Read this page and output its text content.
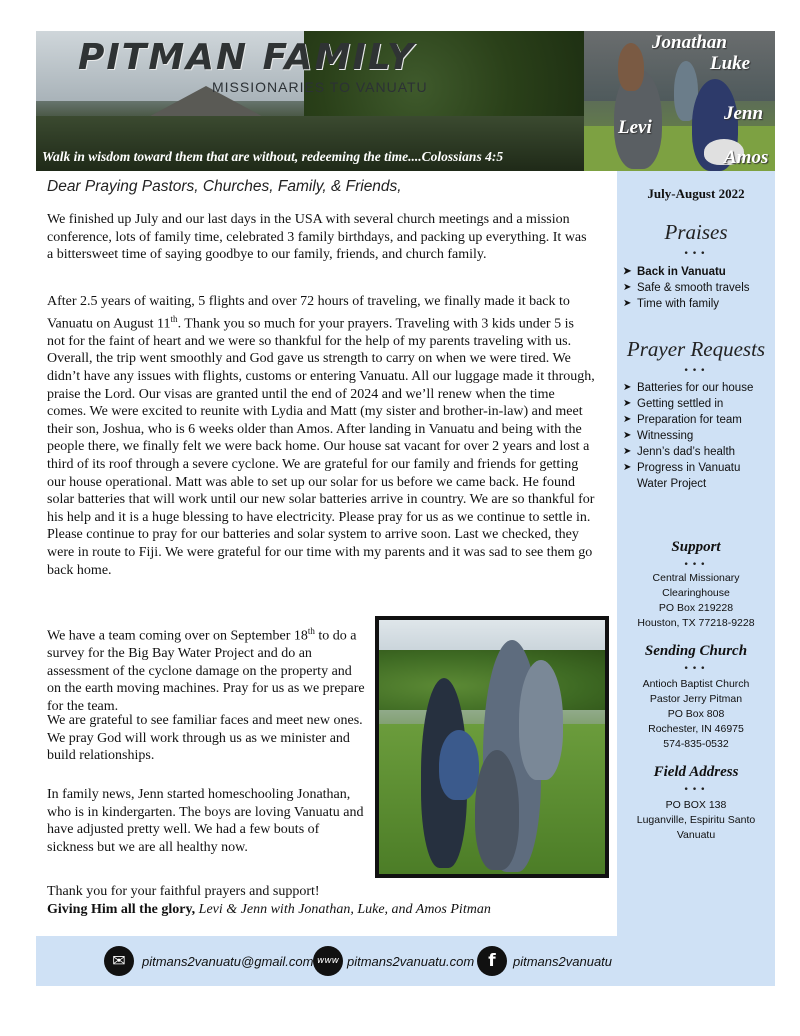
PITMAN FAMILY
MISSIONARIES TO VANUATU
Walk in wisdom toward them that are without, redeeming the time....Colossians 4:5
Jonathan
Luke
Levi
Jenn
Amos
July-August 2022
Praises
•••
➤ Back in Vanuatu
➤ Safe & smooth travels
➤ Time with family
Prayer Requests
•••
➤ Batteries for our house
➤ Getting settled in
➤ Preparation for team
➤ Witnessing
➤ Jenn’s dad’s health
➤ Progress in Vanuatu Water Project
Support
•••
Central Missionary
Clearinghouse
PO Box 219228
Houston, TX 77218-9228
Sending Church
•••
Antioch Baptist Church
Pastor Jerry Pitman
PO Box 808
Rochester, IN 46975
574-835-0532
Field Address
•••
PO BOX 138
Luganville, Espiritu Santo
Vanuatu
Dear Praying Pastors, Churches, Family, & Friends,

We finished up July and our last days in the USA with several church meetings and a mission conference, lots of family time, celebrated 3 family birthdays, and packing up everything. It was a bittersweet time of saying goodbye to our family, friends, and church family.

After 2.5 years of waiting, 5 flights and over 72 hours of traveling, we finally made it back to Vanuatu on August 11th. Thank you so much for your prayers. Traveling with 3 kids under 5 is not for the faint of heart and we were so thankful for the help of my parents traveling with us. Overall, the trip went smoothly and God gave us strength to carry on when we were tired. We didn’t have any issues with flights, customs or entering Vanuatu. All our luggage made it through, praise the Lord. Our visas are granted until the end of 2024 and we’ll renew when the time comes. We were excited to reunite with Lydia and Matt (my sister and brother-in-law) and meet their son, Joshua, who is 6 weeks older than Amos. After landing in Vanuatu and being with the people there, we finally felt we were back home. Our house sat vacant for over 2 years and lost a third of its roof through a severe cyclone. We are grateful for our family and friends for getting our house operational. Matt was able to set up our solar for us before we came back. He found solar batteries that will work until our new solar batteries arrive in country. We are so thankful for his help and it is a huge blessing to have electricity. Please pray for us as we continue to settle in. Please continue to pray for our batteries and solar system to arrive soon. Last we checked, they were in route to Fiji. We were grateful for our time with my parents and it was sad to see them go back home.

We have a team coming over on September 18th to do a survey for the Big Bay Water Project and do an assessment of the cyclone damage on the property and on the earth moving machines. Pray for us as we prepare for the team.

We are grateful to see familiar faces and meet new ones. We pray God will work through us as we minister and build relationships.

In family news, Jenn started homeschooling Jonathan, who is in kindergarten. The boys are loving Vanuatu and have adjusted pretty well. We had a few bouts of sickness but we are all healthy now.

Thank you for your faithful prayers and support!
Giving Him all the glory, Levi & Jenn with Jonathan, Luke, and Amos Pitman

✉	pitmans2vanuatu@gmail.com www pitmans2vanuatu.com f	pitmans2vanuatu
